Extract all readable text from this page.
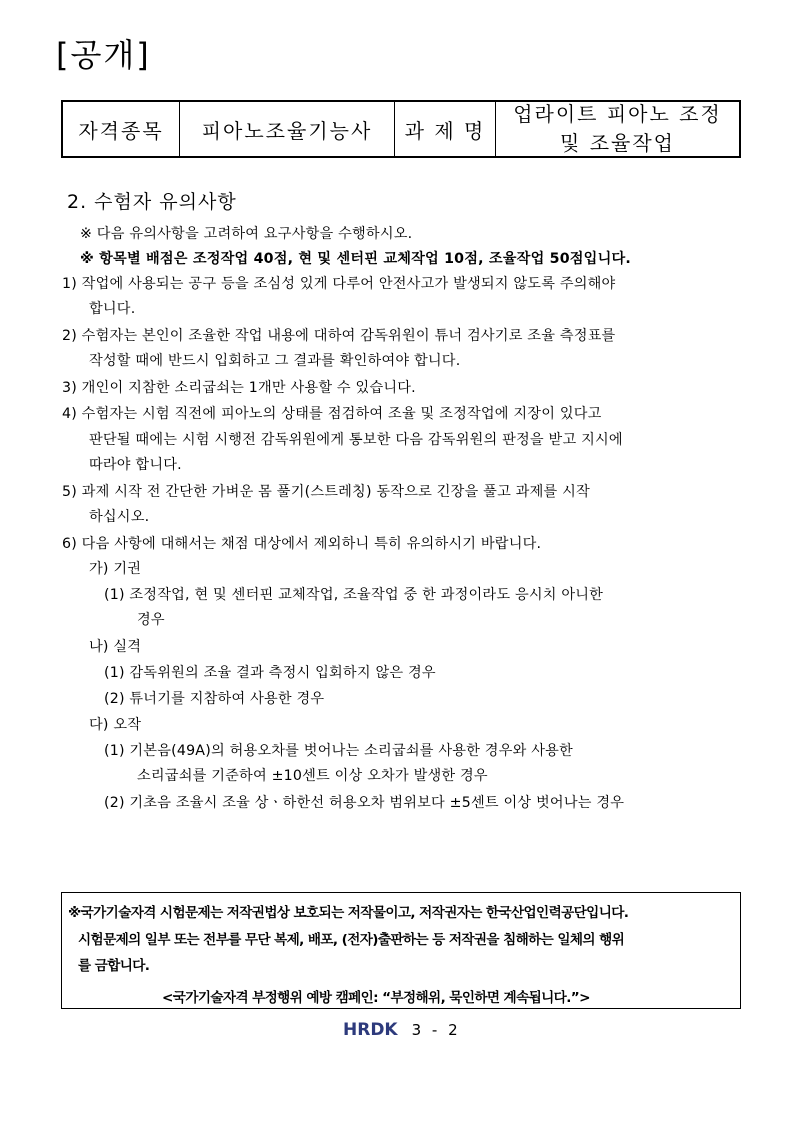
[공개]
자격종목	피아노조율기능사	과 제 명
업라이트 피아노 조정
및 조율작업
2. 수험자 유의사항
※ 다음 유의사항을 고려하여 요구사항을 수행하시오.
※ 항목별 배점은 조정작업 40점, 현 및 센터핀 교체작업 10점, 조율작업 50점입니다.
1) 작업에 사용되는 공구 등을 조심성 있게 다루어 안전사고가 발생되지 않도록 주의해야
합니다.
2) 수험자는 본인이 조율한 작업 내용에 대하여 감독위원이 튜너 검사기로 조율 측정표를
작성할 때에 반드시 입회하고 그 결과를 확인하여야 합니다.
3) 개인이 지참한 소리굽쇠는 1개만 사용할 수 있습니다.
4) 수험자는 시험 직전에 피아노의 상태를 점검하여 조율 및 조정작업에 지장이 있다고
판단될 때에는 시험 시행전 감독위원에게 통보한 다음 감독위원의 판정을 받고 지시에
따라야 합니다.
5) 과제 시작 전 간단한 가벼운 몸 풀기(스트레칭) 동작으로 긴장을 풀고 과제를 시작
하십시오.
6) 다음 사항에 대해서는 채점 대상에서 제외하니 특히 유의하시기 바랍니다.
가) 기권
(1) 조정작업, 현 및 센터핀 교체작업, 조율작업 중 한 과정이라도 응시치 아니한
경우
나) 실격
(1) 감독위원의 조율 결과 측정시 입회하지 않은 경우
(2) 튜너기를 지참하여 사용한 경우
다) 오작
(1) 기본음(49A)의 허용오차를 벗어나는 소리굽쇠를 사용한 경우와 사용한
소리굽쇠를 기준하여 ±10센트 이상 오차가 발생한 경우
(2) 기초음 조율시 조율 상ㆍ하한선 허용오차 범위보다 ±5센트 이상 벗어나는 경우
※국가기술자격 시험문제는 저작권법상 보호되는 저작물이고, 저작권자는 한국산업인력공단입니다.
시험문제의 일부 또는 전부를 무단 복제, 배포, (전자)출판하는 등 저작권을 침해하는 일체의 행위
를 금합니다.
<국가기술자격 부정행위 예방 캠페인: “부정해위, 묵인하면 계속됩니다.”>
HRDK 3 - 2
